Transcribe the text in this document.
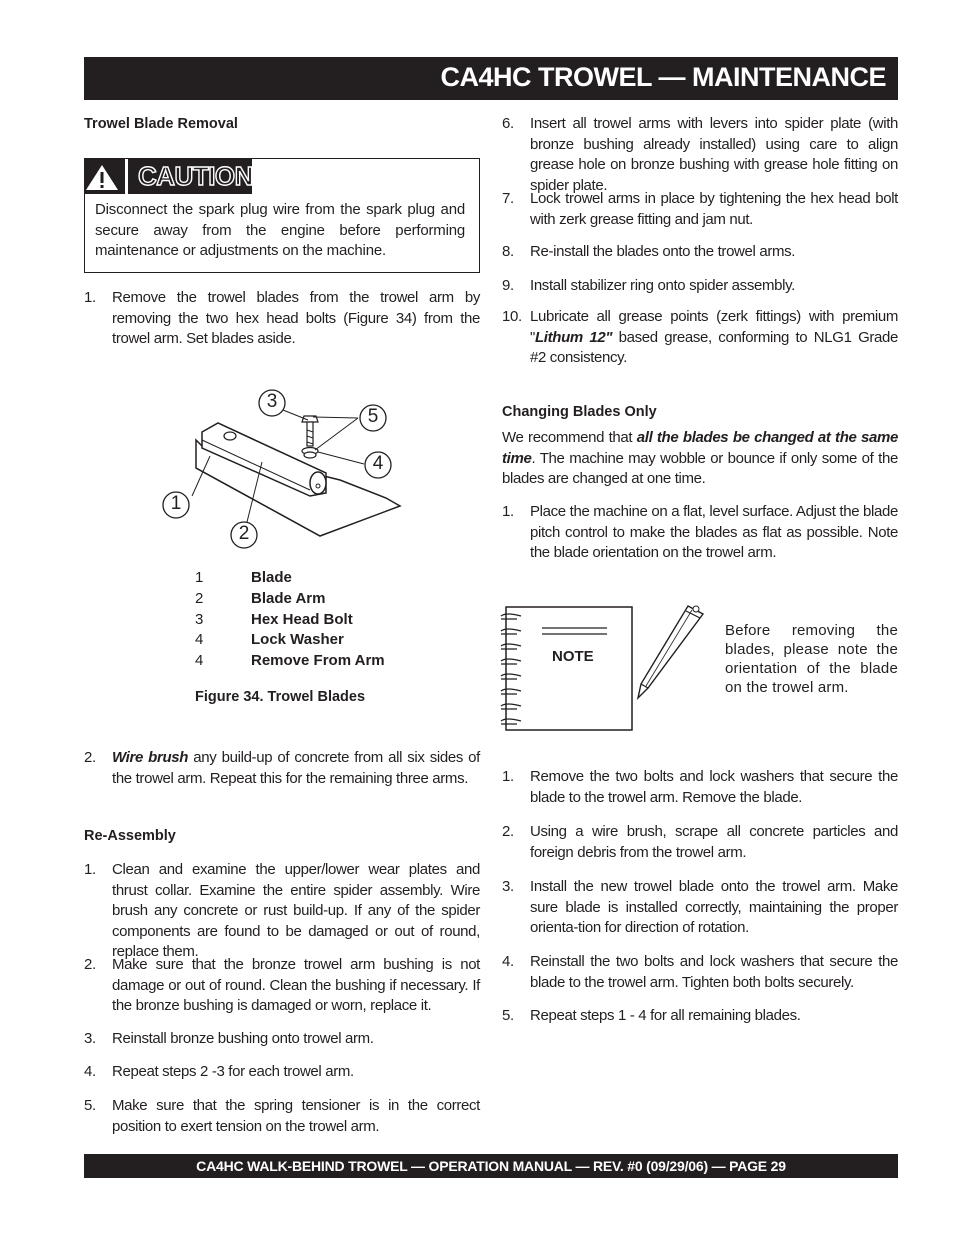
CA4HC TROWEL — MAINTENANCE
Trowel Blade Removal
CAUTION
Disconnect the spark plug wire from the spark plug and secure away from the engine before performing maintenance or adjustments on the machine.
1.	Remove the trowel blades from the trowel arm by removing the two hex head bolts (Figure 34) from the trowel arm. Set blades aside.
3
5
4
1
2
1	Blade
2	Blade Arm
3	Hex Head Bolt
4	Lock Washer
4	Remove From Arm
Figure 34. Trowel Blades
2.	Wire brush any build-up of concrete from all six sides of the trowel arm. Repeat this for the remaining three arms.
Re-Assembly
1.	Clean and examine the upper/lower wear plates and thrust collar. Examine the entire spider assembly. Wire brush any concrete or rust build-up. If any of the spider components are found to be damaged or out of round, replace them.
2.	Make sure that the bronze trowel arm bushing is not damage or out of round. Clean the bushing if necessary. If the bronze bushing is damaged or worn, replace it.
3.	Reinstall bronze bushing onto trowel arm.
4.	Repeat steps 2 -3 for each trowel arm.
5.	Make sure that the spring tensioner is in the correct position to exert tension on the trowel arm.
6.	Insert all trowel arms with levers into spider plate (with bronze bushing already installed) using care to align grease hole on bronze bushing with grease hole fitting on spider plate.
7.	Lock trowel arms in place by tightening the hex head bolt with zerk grease fitting and jam nut.
8.	Re-install the blades onto the trowel arms.
9.	Install stabilizer ring onto spider assembly.
10. Lubricate all grease points (zerk fittings) with premium "Lithum 12" based grease, conforming to NLG1 Grade #2 consistency.
Changing Blades Only
We recommend that all the blades be changed at the same time. The machine may wobble or bounce if only some of the blades are changed at one time.
1.	Place the machine on a flat, level surface. Adjust the blade pitch control to make the blades as flat as possible. Note the blade orientation on the trowel arm.
NOTE
Before removing the blades, please note the orientation of the blade on the trowel arm.
1.	Remove the two bolts and lock washers that secure the blade to the trowel arm. Remove the blade.
2.	Using a wire brush, scrape all concrete particles and foreign debris from the trowel arm.
3.	Install the new trowel blade onto the trowel arm. Make sure blade is installed correctly, maintaining the proper orienta-tion for direction of rotation.
4.	Reinstall the two bolts and lock washers that secure the blade to the trowel arm. Tighten both bolts securely.
5.	Repeat steps 1 - 4 for all remaining blades.
CA4HC WALK-BEHIND TROWEL — OPERATION MANUAL — REV. #0 (09/29/06) — PAGE 29
